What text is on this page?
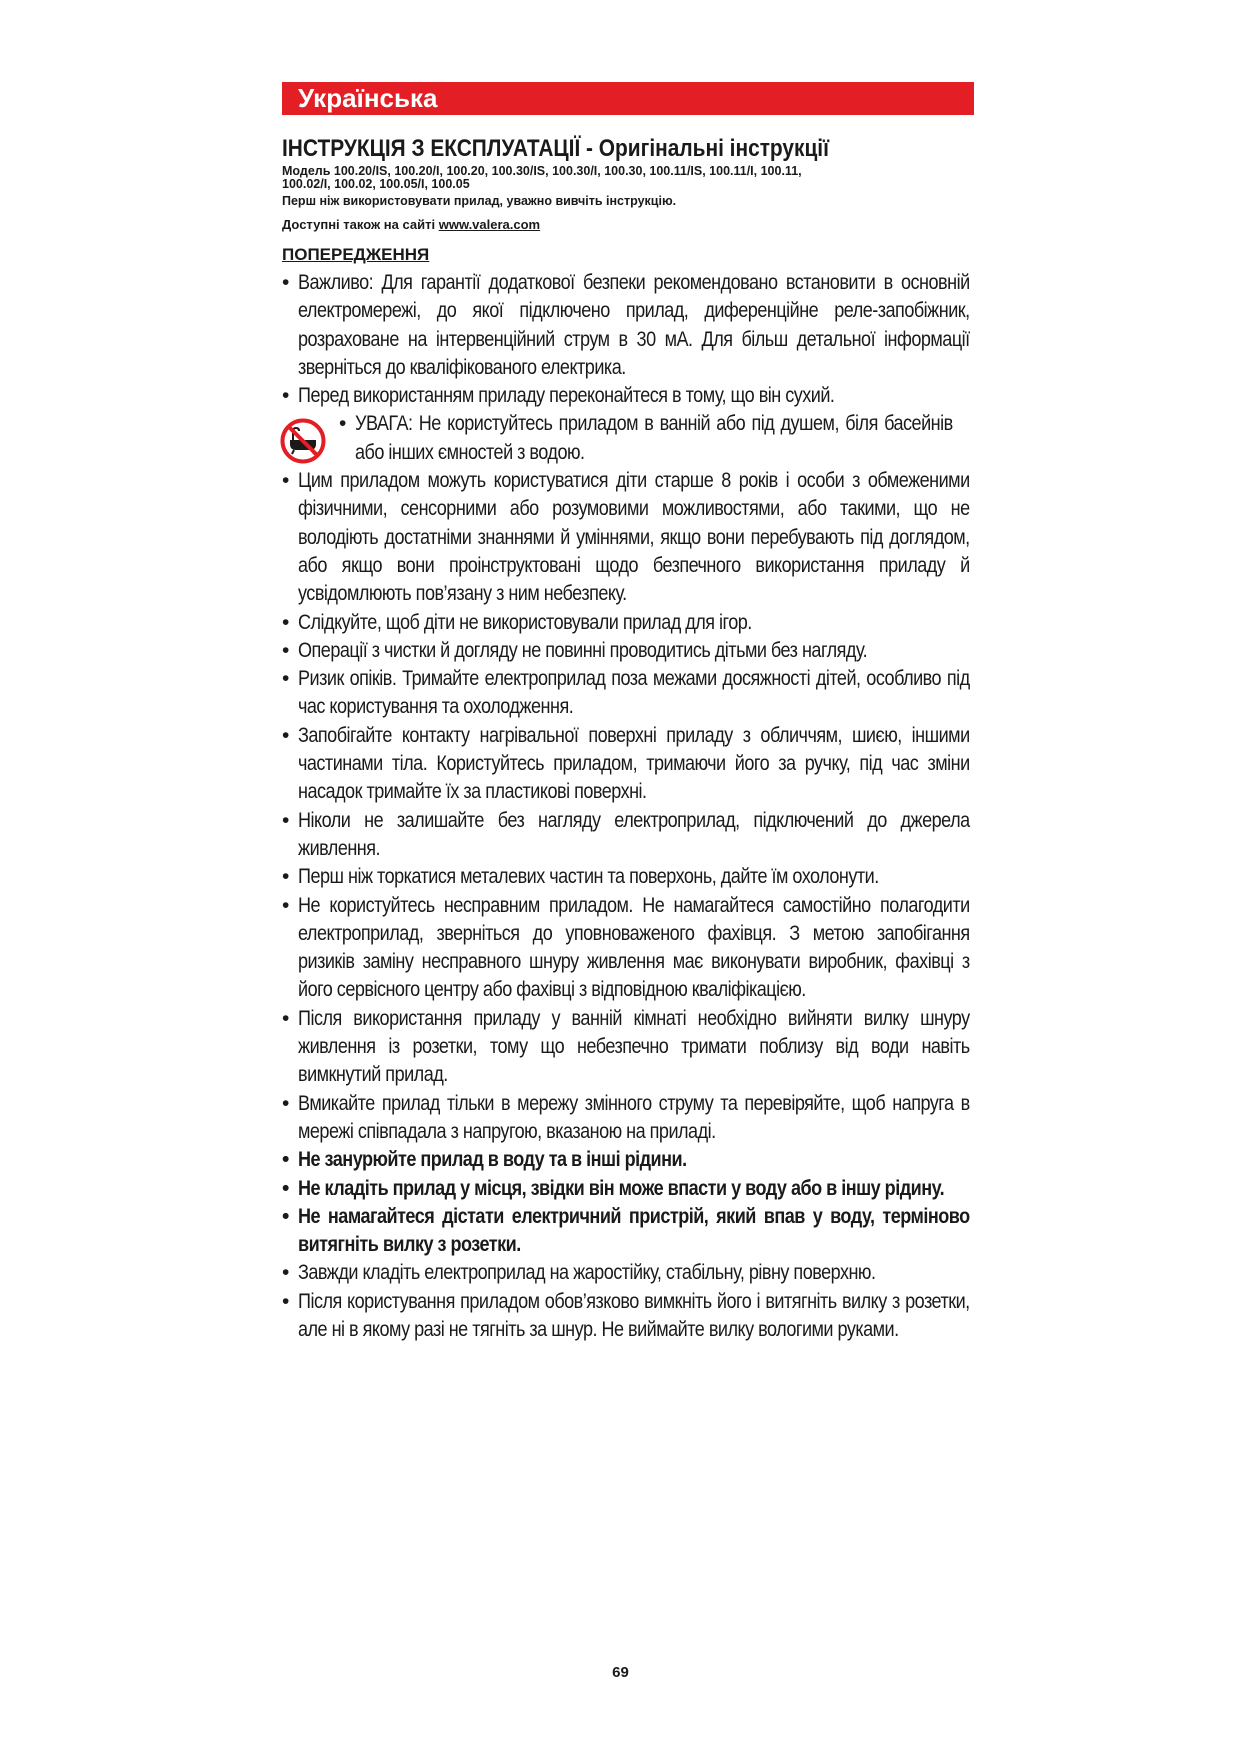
Українська
ІНСТРУКЦІЯ З ЕКСПЛУАТАЦІЇ - Оригінальні інструкції
Модель 100.20/IS, 100.20/I, 100.20, 100.30/IS, 100.30/I, 100.30, 100.11/IS, 100.11/I, 100.11,
100.02/I, 100.02, 100.05/I, 100.05
Перш ніж використовувати прилад, уважно вивчіть інструкцію.
Доступні також на сайті www.valera.com
ПОПЕРЕДЖЕННЯ
• Важливо: Для гарантії додаткової безпеки рекомендовано встановити в основній електромережі, до якої підключено прилад, диференційне реле-запобіжник, розраховане на інтервенційний струм в 30 мА. Для більш детальної інформації зверніться до кваліфікованого електрика.
• Перед використанням приладу переконайтеся в тому, що він сухий.
• УВАГА: Не користуйтесь приладом в ванній або під душем, біля басейнів або інших ємностей з водою.
• Цим приладом можуть користуватися діти старше 8 років і особи з обмеженими фізичними, сенсорними або розумовими можливостями, або такими, що не володіють достатніми знаннями й уміннями, якщо вони перебувають під доглядом, або якщо вони проінструктовані щодо безпечного використання приладу й усвідомлюють пов’язану з ним небезпеку.
• Слідкуйте, щоб діти не використовували прилад для ігор.
• Операції з чистки й догляду не повинні проводитись дітьми без нагляду.
• Ризик опіків. Тримайте електроприлад поза межами досяжності дітей, особливо під час користування та охолодження.
• Запобігайте контакту нагрівальної поверхні приладу з обличчям, шиєю, іншими частинами тіла. Користуйтесь приладом, тримаючи його за ручку, під час зміни насадок тримайте їх за пластикові поверхні.
• Ніколи не залишайте без нагляду електроприлад, підключений до джерела живлення.
• Перш ніж торкатися металевих частин та поверхонь, дайте їм охолонути.
• Не користуйтесь несправним приладом. Не намагайтеся самостійно полагодити електроприлад, зверніться до уповноваженого фахівця. З метою запобігання ризиків заміну несправного шнуру живлення має виконувати виробник, фахівці з його сервісного центру або фахівці з відповідною кваліфікацією.
• Після використання приладу у ванній кімнаті необхідно вийняти вилку шнуру живлення із розетки, тому що небезпечно тримати поблизу від води навіть вимкнутий прилад.
• Вмикайте прилад тільки в мережу змінного струму та перевіряйте, щоб напруга в мережі співпадала з напругою, вказаною на приладі.
• Не занурюйте прилад в воду та в інші рідини.
• Не кладіть прилад у місця, звідки він може впасти у воду або в іншу рідину.
• Не намагайтеся дістати електричний пристрій, який впав у воду, терміново витягніть вилку з розетки.
• Завжди кладіть електроприлад на жаростійку, стабільну, рівну поверхню.
• Після користування приладом обов’язково вимкніть його і витягніть вилку з розетки, але ні в якому разі не тягніть за шнур. Не виймайте вилку вологими руками.
69
